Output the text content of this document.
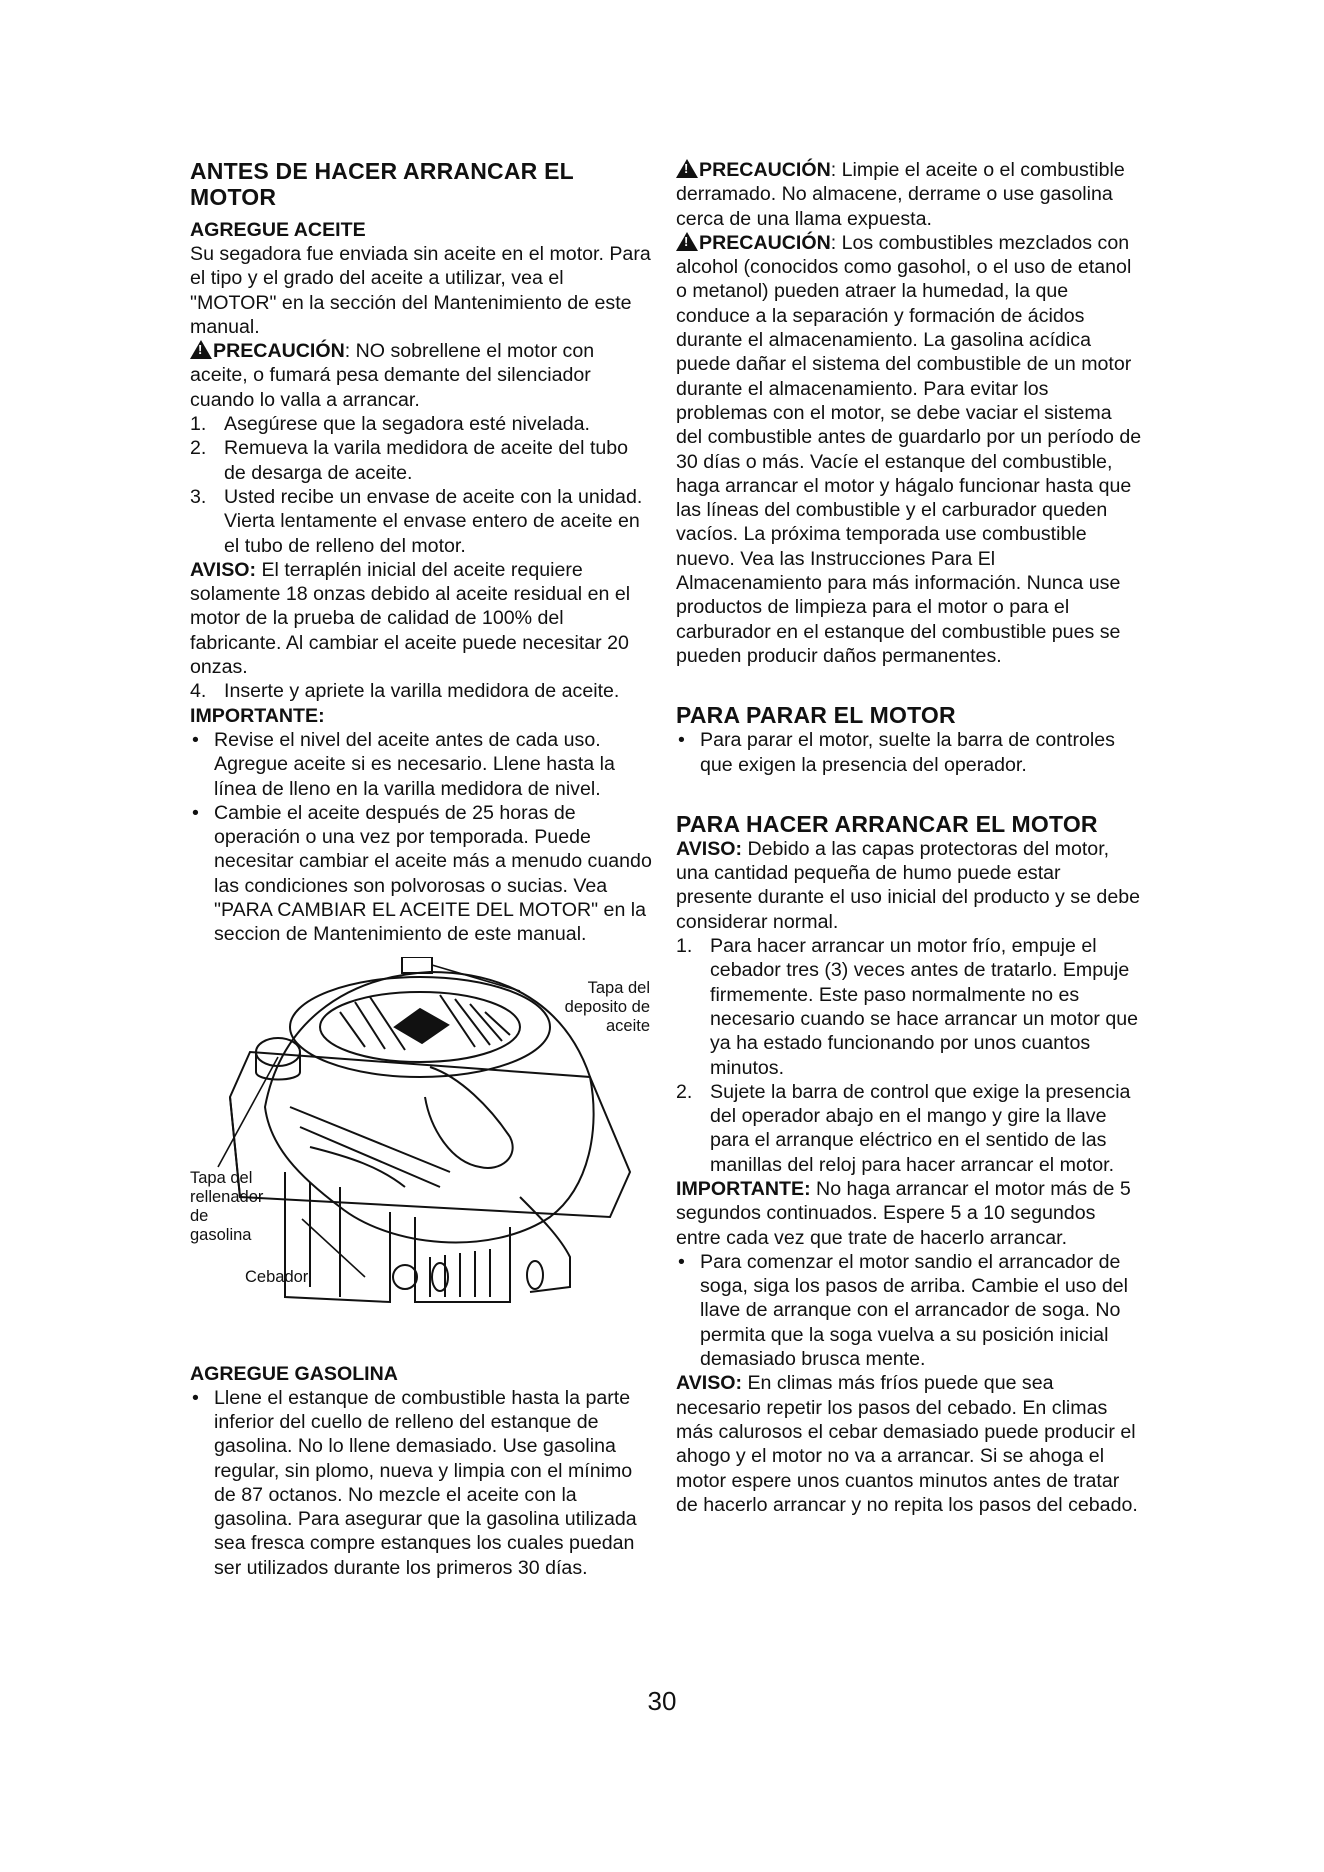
ANTES DE HACER ARRANCAR EL MOTOR

AGREGUE ACEITE

Su segadora fue enviada sin aceite en el motor. Para el tipo y el grado del aceite a utilizar, vea el "MOTOR" en la sección del Mantenimiento de este manual.

!PRECAUCIÓN: NO sobrellene el motor con aceite, o fumará pesa demante del silenciador cuando lo valla a arrancar.

1. Asegúrese que la segadora esté nivelada.
2. Remueva la varila medidora de aceite del tubo de desarga de aceite.
3. Usted recibe un envase de aceite con la unidad. Vierta lentamente el envase entero de aceite en el tubo de relleno del motor.

AVISO: El terraplén inicial del aceite requiere solamente 18 onzas debido al aceite residual en el motor de la prueba de calidad de 100% del fabricante. Al cambiar el aceite puede necesitar 20 onzas.

4. Inserte y apriete la varilla medidora de aceite.

IMPORTANTE:

• Revise el nivel del aceite antes de cada uso. Agregue aceite si es necesario. Llene hasta la línea de lleno en la varilla medidora de nivel.
• Cambie el aceite después de 25 horas de operación o una vez por temporada. Puede necesitar cambiar el aceite más a menudo cuando las condiciones son polvorosas o sucias. Vea "PARA CAMBIAR EL ACEITE DEL MOTOR" en la seccion de Mantenimiento de este manual.
Tapa del
deposito de
aceite
Tapa del
rellenador
de
gasolina
Cebador

AGREGUE GASOLINA

• Llene el estanque de combustible hasta la parte inferior del cuello de relleno del estanque de gasolina. No lo llene demasiado. Use gasolina regular, sin plomo, nueva y limpia con el mínimo de 87 octanos. No mezcle el aceite con la gasolina. Para asegurar que la gasolina utilizada sea fresca compre estanques los cuales puedan ser utilizados durante los primeros 30 días.

!PRECAUCIÓN: Limpie el aceite o el combustible derramado. No almacene, derrame o use gasolina cerca de una llama expuesta.

!PRECAUCIÓN: Los combustibles mezclados con alcohol (conocidos como gasohol, o el uso de etanol o metanol) pueden atraer la humedad, la que conduce a la separación y formación de ácidos durante el almacenamiento. La gasolina acídica puede dañar el sistema del combustible de un motor durante el almacenamiento. Para evitar los problemas con el motor, se debe vaciar el sistema del combustible antes de guardarlo por un período de 30 días o más. Vacíe el estanque del combustible, haga arrancar el motor y hágalo funcionar hasta que las líneas del combustible y el carburador queden vacíos. La próxima temporada use combustible nuevo. Vea las Instrucciones Para El Almacenamiento para más información. Nunca use productos de limpieza para el motor o para el carburador en el estanque del combustible pues se pueden producir daños permanentes.

PARA PARAR EL MOTOR

• Para parar el motor, suelte la barra de controles que exigen la presencia del operador.

PARA HACER ARRANCAR EL MOTOR

AVISO: Debido a las capas protectoras del motor, una cantidad pequeña de humo puede estar presente durante el uso inicial del producto y se debe considerar normal.

1. Para hacer arrancar un motor frío, empuje el cebador tres (3) veces antes de tratarlo. Empuje firmemente. Este paso normalmente no es necesario cuando se hace arrancar un motor que ya ha estado funcionando por unos cuantos minutos.
2. Sujete la barra de control que exige la presencia del operador abajo en el mango y gire la llave para el arranque eléctrico en el sentido de las manillas del reloj para hacer arrancar el motor.

IMPORTANTE: No haga arrancar el motor más de 5 segundos continuados. Espere 5 a 10 segundos entre cada vez que trate de hacerlo arrancar.

• Para comenzar el motor sandio el arrancador de soga, siga los pasos de arriba. Cambie el uso del llave de arranque con el arrancador de soga. No permita que la soga vuelva a su posición inicial demasiado brusca mente.

AVISO: En climas más fríos puede que sea necesario repetir los pasos del cebado. En climas más calurosos el cebar demasiado puede producir el ahogo y el motor no va a arrancar. Si se ahoga el motor espere unos cuantos minutos antes de tratar de hacerlo arrancar y no repita los pasos del cebado.

30
